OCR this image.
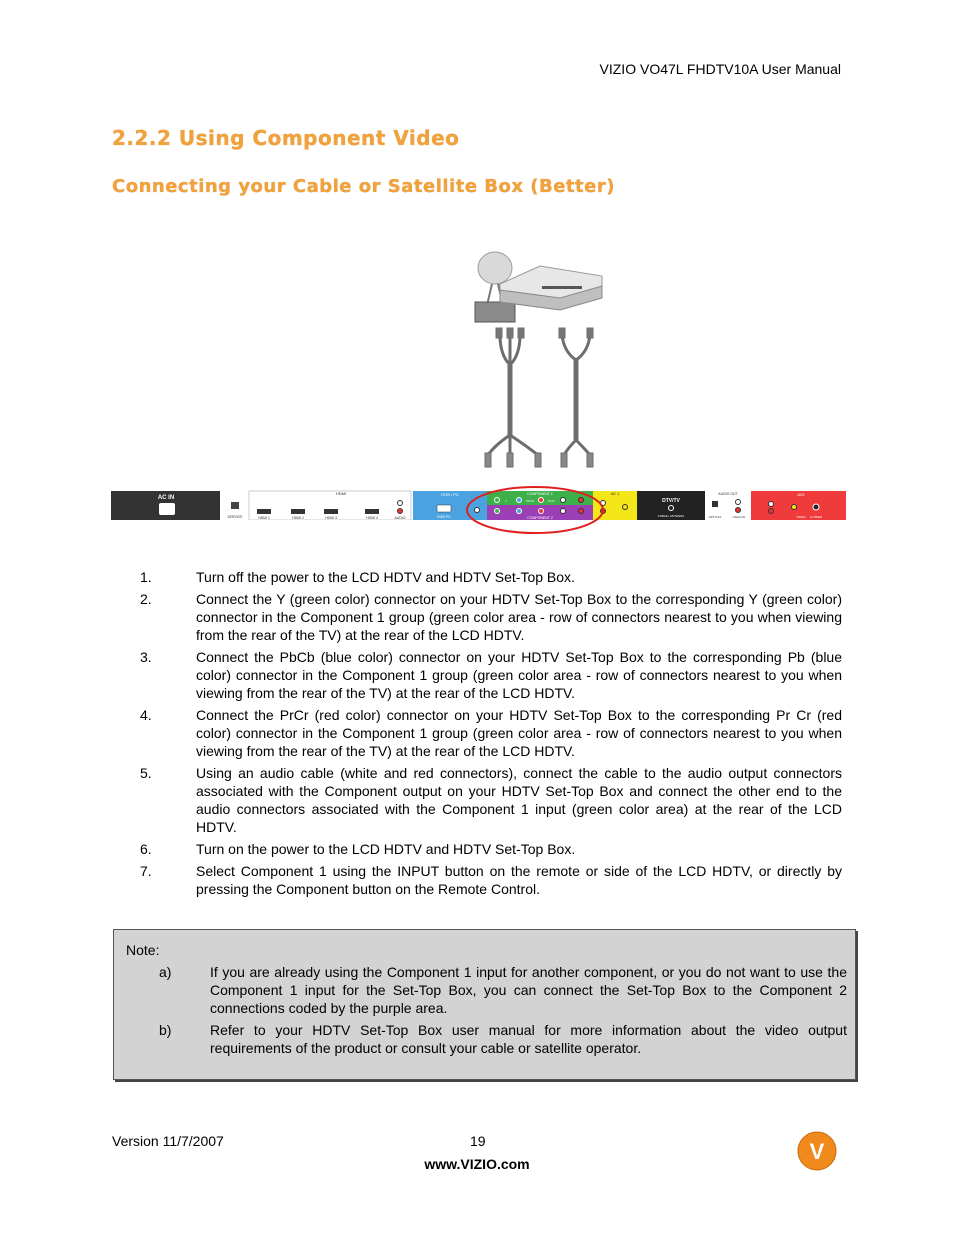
VIZIO VO47L FHDTV10A User Manual
2.2.2 Using Component Video
Connecting your Cable or Satellite Box (Better)
AC IN
SERVICE
HDMI
HDMI 1	HDMI 2	HDMI 3	HDMI 4	AUDIO
RGB / PC
RGB PC
COMPONENT 1
COMPONENT 2
Y	Pb/Cb	Pr/Cr
AV 1
DTV/TV
CABLE / ANTENNA
AUDIO OUT
OPTICAL	ANALOG
AV2
VIDEO S-VIDEO
1.	Turn off the power to the LCD HDTV and HDTV Set-Top Box.
2.	Connect the Y (green color) connector on your HDTV Set-Top Box to the corresponding Y (green color) connector in the Component 1 group (green color area - row of connectors nearest to you when viewing from the rear of the TV) at the rear of the LCD HDTV.
3.	Connect the PbCb (blue color) connector on your HDTV Set-Top Box to the corresponding Pb (blue color) connector in the Component 1 group (green color area - row of connectors nearest to you when viewing from the rear of the TV) at the rear of the LCD HDTV.
4.	Connect the PrCr (red color) connector on your HDTV Set-Top Box to the corresponding Pr Cr (red color) connector in the Component 1 group (green color area - row of connectors nearest to you when viewing from the rear of the TV) at the rear of the LCD HDTV.
5.	Using an audio cable (white and red connectors), connect the cable to the audio output connectors associated with the Component output on your HDTV Set-Top Box and connect the other end to the audio connectors associated with the Component 1 input (green color area) at the rear of the LCD HDTV.
6.	Turn on the power to the LCD HDTV and HDTV Set-Top Box.
7.	Select Component 1 using the INPUT button on the remote or side of the LCD HDTV, or directly by pressing the Component button on the Remote Control.
Note:
a)	If you are already using the Component 1 input for another component, or you do not want to use the Component 1 input for the Set-Top Box, you can connect the Set-Top Box to the Component 2 connections coded by the purple area.
b)	Refer to your HDTV Set-Top Box user manual for more information about the video output requirements of the product or consult your cable or satellite operator.
Version 11/7/2007	19
www.VIZIO.com	V
